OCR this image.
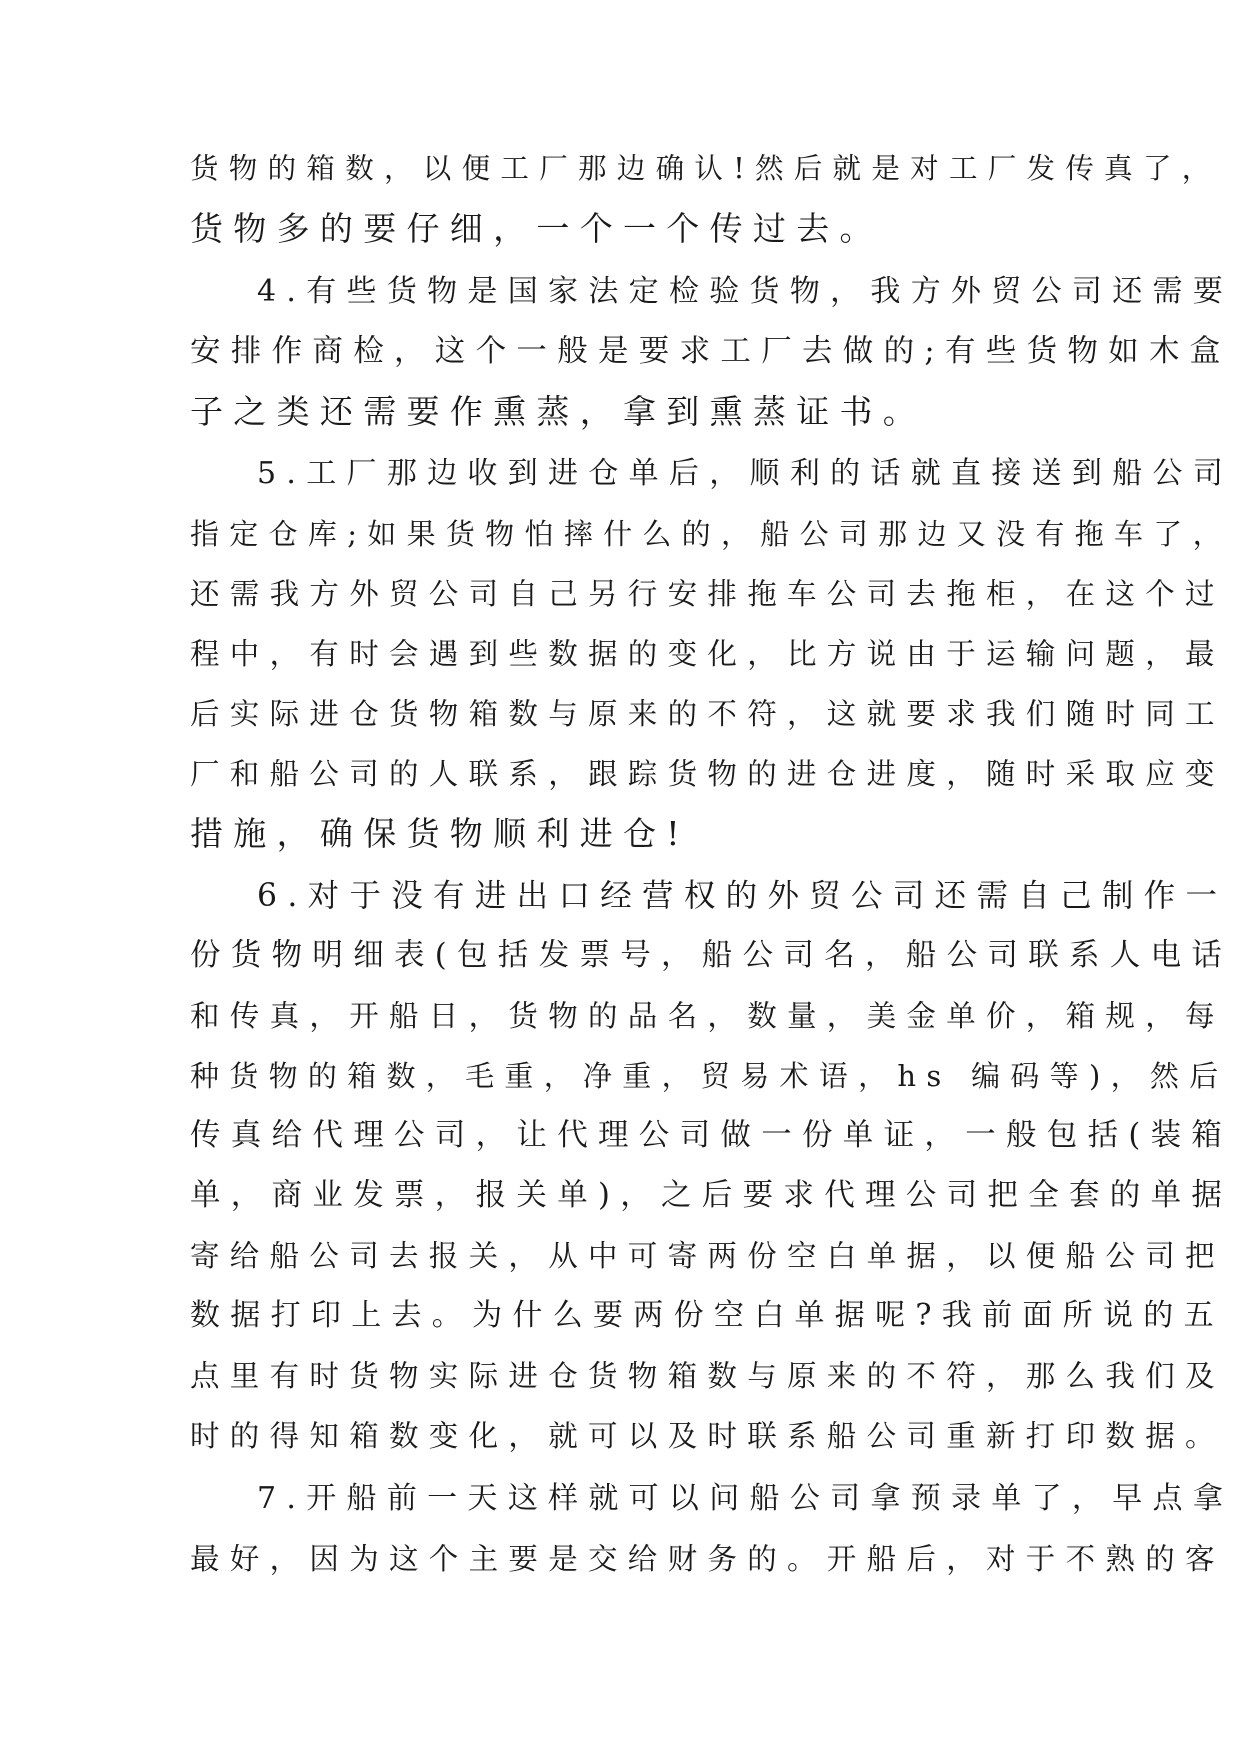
货物的箱数，以便工厂那边确认!然后就是对工厂发传真了，
货物多的要仔细，一个一个传过去。
4.有些货物是国家法定检验货物，我方外贸公司还需要
安排作商检，这个一般是要求工厂去做的;有些货物如木盒
子之类还需要作熏蒸，拿到熏蒸证书。
5.工厂那边收到进仓单后，顺利的话就直接送到船公司
指定仓库;如果货物怕摔什么的，船公司那边又没有拖车了，
还需我方外贸公司自己另行安排拖车公司去拖柜，在这个过
程中，有时会遇到些数据的变化，比方说由于运输问题，最
后实际进仓货物箱数与原来的不符，这就要求我们随时同工
厂和船公司的人联系，跟踪货物的进仓进度，随时采取应变
措施，确保货物顺利进仓!
6.对于没有进出口经营权的外贸公司还需自己制作一
份货物明细表(包括发票号，船公司名，船公司联系人电话
和传真，开船日，货物的品名，数量，美金单价，箱规，每
种货物的箱数，毛重，净重，贸易术语，hs 编码等)，然后
传真给代理公司，让代理公司做一份单证，一般包括(装箱
单，商业发票，报关单)，之后要求代理公司把全套的单据
寄给船公司去报关，从中可寄两份空白单据，以便船公司把
数据打印上去。为什么要两份空白单据呢?我前面所说的五
点里有时货物实际进仓货物箱数与原来的不符，那么我们及
时的得知箱数变化，就可以及时联系船公司重新打印数据。
7.开船前一天这样就可以问船公司拿预录单了，早点拿
最好，因为这个主要是交给财务的。开船后，对于不熟的客
